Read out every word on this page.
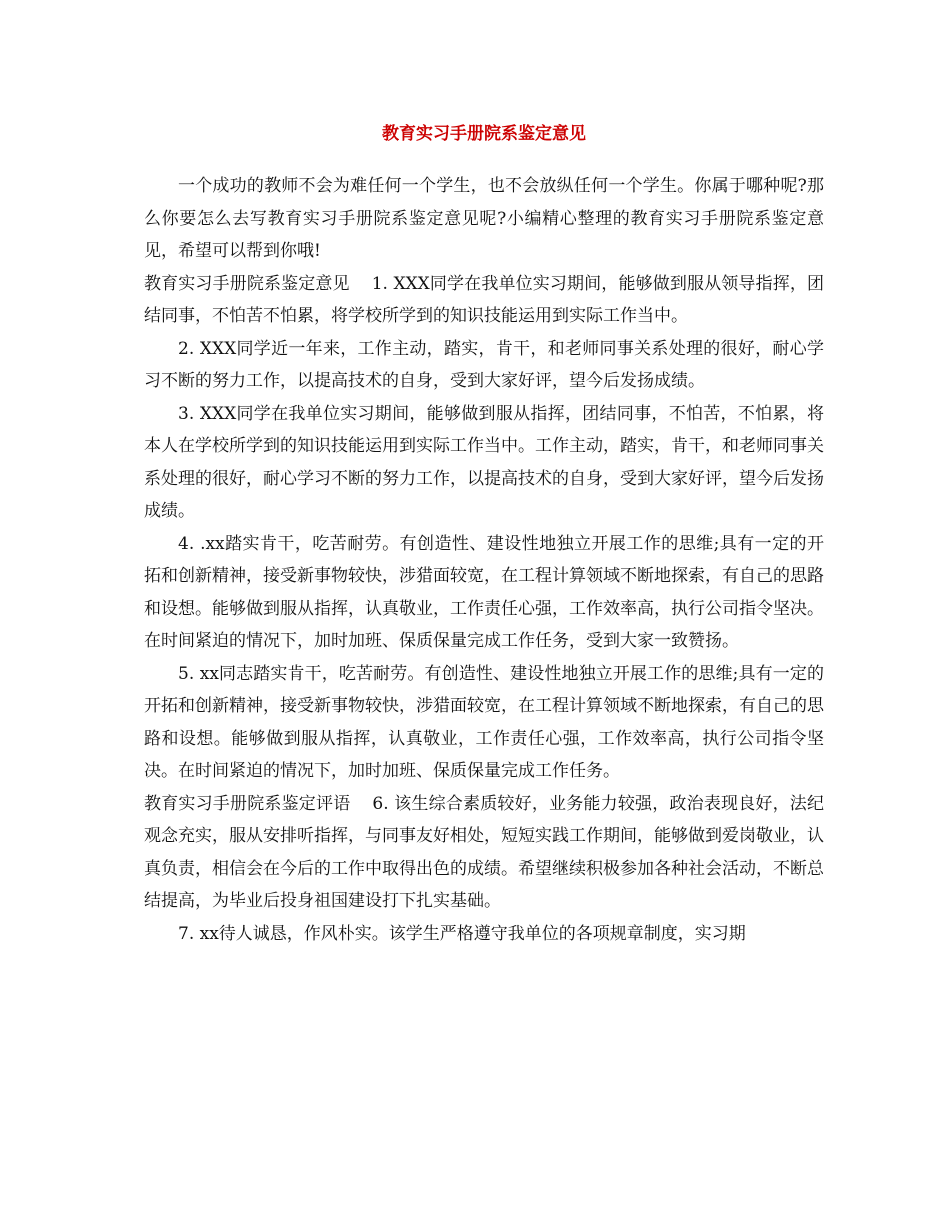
教育实习手册院系鉴定意见

一个成功的教师不会为难任何一个学生，也不会放纵任何一个学生。你属于哪种呢?那么你要怎么去写教育实习手册院系鉴定意见呢?小编精心整理的教育实习手册院系鉴定意见，希望可以帮到你哦!

教育实习手册院系鉴定意见 1. XXX同学在我单位实习期间，能够做到服从领导指挥，团结同事，不怕苦不怕累，将学校所学到的知识技能运用到实际工作当中。

2. XXX同学近一年来，工作主动，踏实，肯干，和老师同事关系处理的很好，耐心学习不断的努力工作，以提高技术的自身，受到大家好评，望今后发扬成绩。

3. XXX同学在我单位实习期间，能够做到服从指挥，团结同事，不怕苦，不怕累，将本人在学校所学到的知识技能运用到实际工作当中。工作主动，踏实，肯干，和老师同事关系处理的很好，耐心学习不断的努力工作，以提高技术的自身，受到大家好评，望今后发扬成绩。

4. .xx踏实肯干，吃苦耐劳。有创造性、建设性地独立开展工作的思维;具有一定的开拓和创新精神，接受新事物较快，涉猎面较宽，在工程计算领域不断地探索，有自己的思路和设想。能够做到服从指挥，认真敬业，工作责任心强，工作效率高，执行公司指令坚决。在时间紧迫的情况下，加时加班、保质保量完成工作任务，受到大家一致赞扬。

5. xx同志踏实肯干，吃苦耐劳。有创造性、建设性地独立开展工作的思维;具有一定的开拓和创新精神，接受新事物较快，涉猎面较宽，在工程计算领域不断地探索，有自己的思路和设想。能够做到服从指挥，认真敬业，工作责任心强，工作效率高，执行公司指令坚决。在时间紧迫的情况下，加时加班、保质保量完成工作任务。

教育实习手册院系鉴定评语 6. 该生综合素质较好，业务能力较强，政治表现良好，法纪观念充实，服从安排听指挥，与同事友好相处，短短实践工作期间，能够做到爱岗敬业，认真负责，相信会在今后的工作中取得出色的成绩。希望继续积极参加各种社会活动，不断总结提高，为毕业后投身祖国建设打下扎实基础。

7. xx待人诚恳，作风朴实。该学生严格遵守我单位的各项规章制度，实习期
